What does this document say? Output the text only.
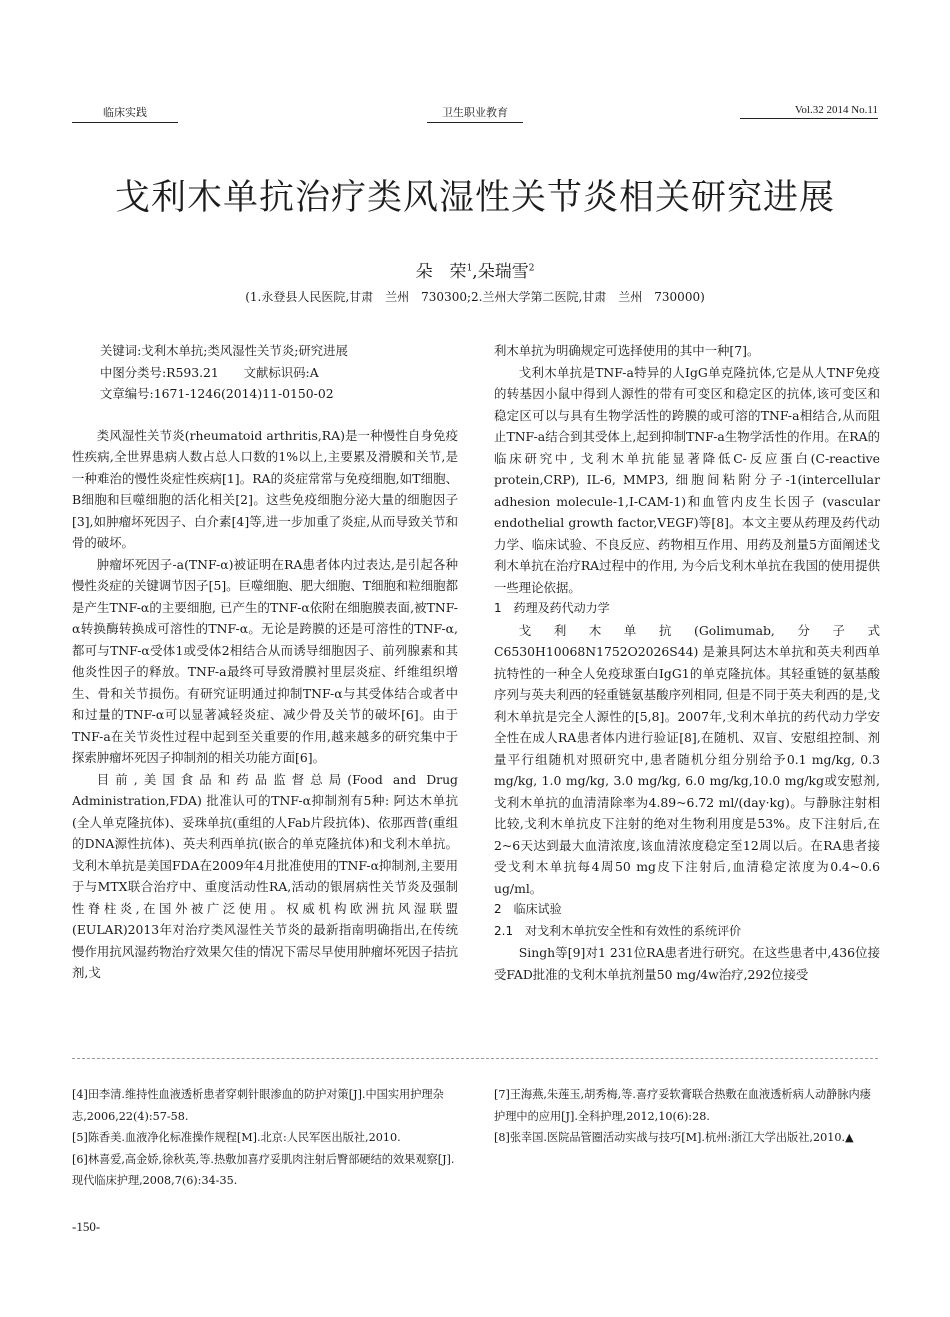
临床实践	卫生职业教育	Vol.32 2014 No.11
戈利木单抗治疗类风湿性关节炎相关研究进展
朵　荣$^1$,朵瑞雪$^2$
(1.永登县人民医院,甘肃　兰州　730300;2.兰州大学第二医院,甘肃　兰州　730000)
关键词:戈利木单抗;类风湿性关节炎;研究进展
中图分类号:R593.21　　文献标识码:A
文章编号:1671-1246(2014)11-0150-02

类风湿性关节炎(rheumatoid arthritis,RA)是一种慢性自身免疫性疾病,全世界患病人数占总人口数的1%以上,主要累及滑膜和关节,是一种难治的慢性炎症性疾病[1]。RA的炎症常常与免疫细胞,如T细胞、B细胞和巨噬细胞的活化相关[2]。这些免疫细胞分泌大量的细胞因子[3],如肿瘤坏死因子、白介素[4]等,进一步加重了炎症,从而导致关节和骨的破坏。

肿瘤坏死因子-a(TNF-α)被证明在RA患者体内过表达,是引起各种慢性炎症的关键调节因子[5]。巨噬细胞、肥大细胞、T细胞和粒细胞都是产生TNF-α的主要细胞, 已产生的TNF-α依附在细胞膜表面,被TNF-α转换酶转换成可溶性的TNF-α。无论是跨膜的还是可溶性的TNF-α, 都可与TNF-α受体1或受体2相结合从而诱导细胞因子、前列腺素和其他炎性因子的释放。TNF-a最终可导致滑膜衬里层炎症、纤维组织增生、骨和关节损伤。有研究证明通过抑制TNF-α与其受体结合或者中和过量的TNF-α可以显著减轻炎症、减少骨及关节的破坏[6]。由于TNF-a在关节炎性过程中起到至关重要的作用,越来越多的研究集中于探索肿瘤坏死因子抑制剂的相关功能方面[6]。

目前,美国食品和药品监督总局(Food and Drug Administration,FDA) 批准认可的TNF-α抑制剂有5种: 阿达木单抗(全人单克隆抗体)、妥珠单抗(重组的人Fab片段抗体)、依那西普(重组的DNA源性抗体)、英夫利西单抗(嵌合的单克隆抗体)和戈利木单抗。戈利木单抗是美国FDA在2009年4月批准使用的TNF-α抑制剂,主要用于与MTX联合治疗中、重度活动性RA,活动的银屑病性关节炎及强制性脊柱炎,在国外被广泛使用。权威机构欧洲抗风湿联盟(EULAR)2013年对治疗类风湿性关节炎的最新指南明确指出,在传统慢作用抗风湿药物治疗效果欠佳的情况下需尽早使用肿瘤坏死因子拮抗剂,戈

利木单抗为明确规定可选择使用的其中一种[7]。

戈利木单抗是TNF-a特异的人IgG单克隆抗体,它是从人TNF免疫的转基因小鼠中得到人源性的带有可变区和稳定区的抗体,该可变区和稳定区可以与具有生物学活性的跨膜的或可溶的TNF-a相结合,从而阻止TNF-a结合到其受体上,起到抑制TNF-a生物学活性的作用。在RA的临床研究中, 戈利木单抗能显著降低C-反应蛋白(C-reactive protein,CRP), IL-6, MMP3, 细胞间粘附分子-1(intercellular adhesion molecule-1,I-CAM-1)和血管内皮生长因子 (vascular endothelial growth factor,VEGF)等[8]。本文主要从药理及药代动力学、临床试验、不良反应、药物相互作用、用药及剂量5方面阐述戈利木单抗在治疗RA过程中的作用, 为今后戈利木单抗在我国的使用提供一些理论依据。

1　药理及药代动力学

戈利木单抗(Golimumab,分子式C6530H10068N1752O2026S44) 是兼具阿达木单抗和英夫利西单抗特性的一种全人免疫球蛋白IgG1的单克隆抗体。其轻重链的氨基酸序列与英夫利西的轻重链氨基酸序列相同, 但是不同于英夫利西的是,戈利木单抗是完全人源性的[5,8]。2007年,戈利木单抗的药代动力学安全性在成人RA患者体内进行验证[8],在随机、双盲、安慰组控制、剂量平行组随机对照研究中,患者随机分组分别给予0.1 mg/kg, 0.3 mg/kg, 1.0 mg/kg, 3.0 mg/kg, 6.0 mg/kg,10.0 mg/kg或安慰剂,戈利木单抗的血清清除率为4.89~6.72 ml/(day·kg)。与静脉注射相比较,戈利木单抗皮下注射的绝对生物利用度是53%。皮下注射后,在2~6天达到最大血清浓度,该血清浓度稳定至12周以后。在RA患者接受戈利木单抗每4周50 mg皮下注射后,血清稳定浓度为0.4~0.6 ug/ml。

2　临床试验
2.1　对戈利木单抗安全性和有效性的系统评价

Singh等[9]对1 231位RA患者进行研究。在这些患者中,436位接受FAD批准的戈利木单抗剂量50 mg/4w治疗,292位接受

[4]田李清.维持性血液透析患者穿刺针眼渗血的防护对策[J].中国实用护理杂志,2006,22(4):57-58.
[5]陈香美.血液净化标准操作规程[M].北京:人民军医出版社,2010.
[6]林喜爱,高金娇,徐秋英,等.热敷加喜疗妥肌肉注射后臀部硬结的效果观察[J].现代临床护理,2008,7(6):34-35.
[7]王海燕,朱莲玉,胡秀梅,等.喜疗妥软膏联合热敷在血液透析病人动静脉内瘘护理中的应用[J].全科护理,2012,10(6):28.
[8]张幸国.医院品管圈活动实战与技巧[M].杭州:浙江大学出版社,2010.▲
-150-
